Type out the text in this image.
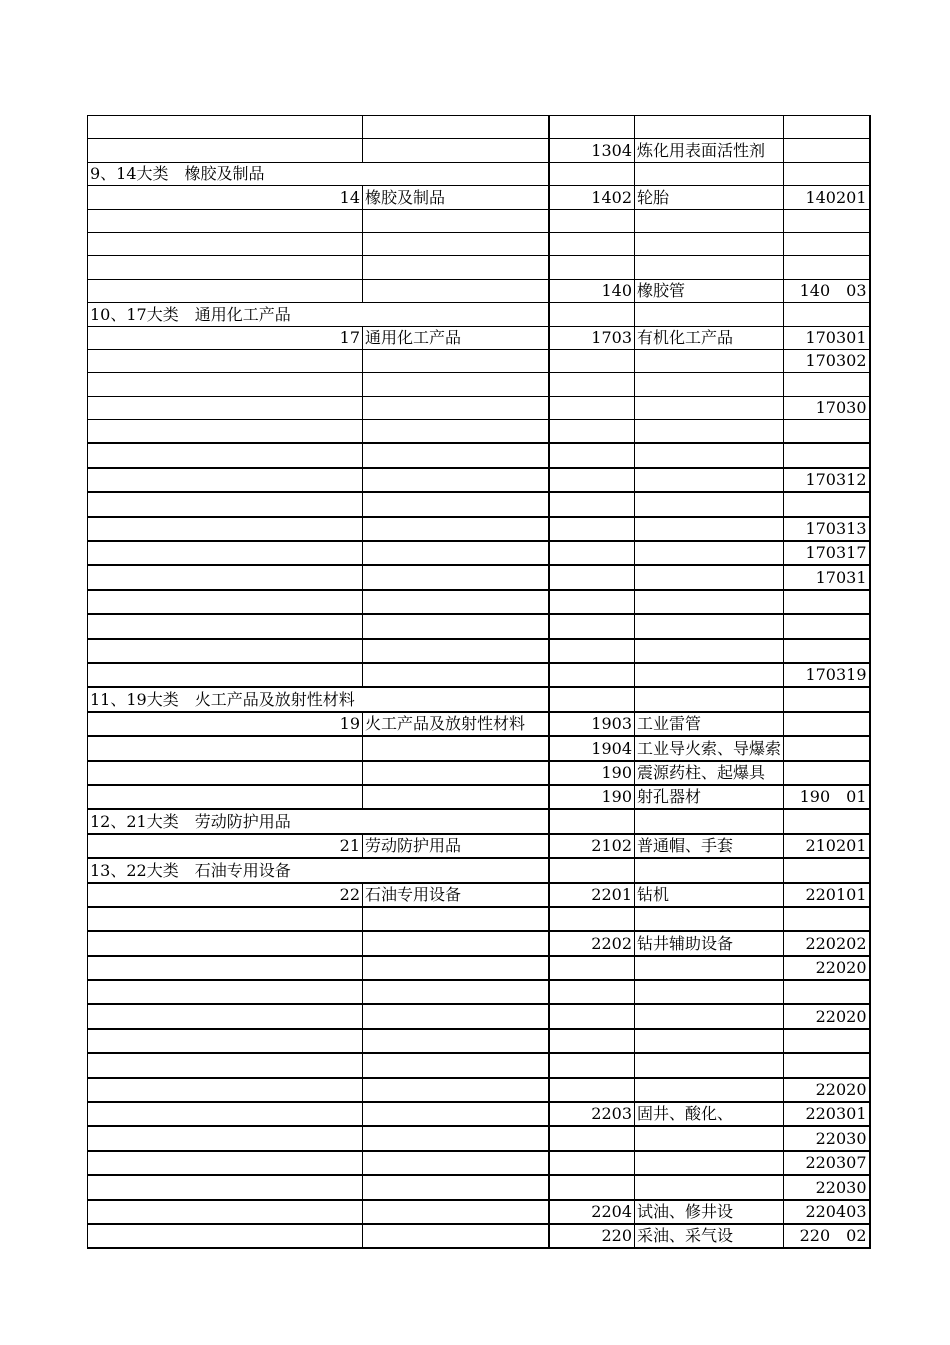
		1304	炼化用表面活性剂	
9、14大类　橡胶及制品				
14	橡胶及制品	1402	轮胎	140201

		140	橡胶管	140　03
10、17大类　通用化工产品				
17	通用化工产品	1703	有机化工产品	170301
				170302

				17030

				170312

				170313
				170317
				17031

				170319
11、19大类　火工产品及放射性材料				
19	火工产品及放射性材料	1903	工业雷管	
		1904	工业导火索、导爆索	
		190	震源药柱、起爆具	
		190	射孔器材	190　01
12、21大类　劳动防护用品				
21	劳动防护用品	2102	普通帽、手套	210201
13、22大类　石油专用设备				
22	石油专用设备	2201	钻机	220101

		2202	钻井辅助设备	220202
				22020

				22020

				22020
		2203	固井、酸化、	220301
				22030
				220307
				22030
		2204	试油、修井设	220403
		220	采油、采气设	220　02
